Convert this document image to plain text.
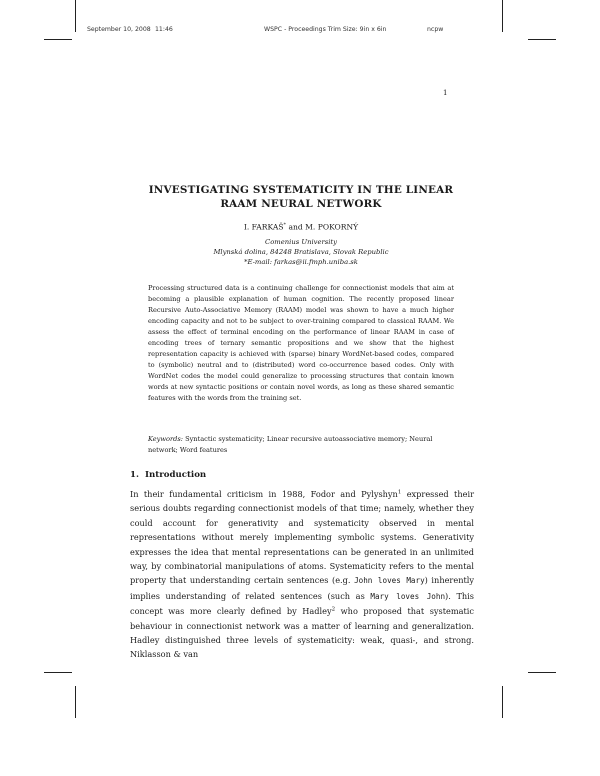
September 10, 2008 11:46	WSPC - Proceedings Trim Size: 9in x 6in	ncpw
1
INVESTIGATING SYSTEMATICITY IN THE LINEAR
RAAM NEURAL NETWORK
I. FARKAŠ* and M. POKORNÝ
Comenius University
Mlynská dolina, 84248 Bratislava, Slovak Republic
*E-mail: farkas@ii.fmph.uniba.sk
Processing structured data is a continuing challenge for connectionist models that aim at becoming a plausible explanation of human cognition. The recently proposed linear Recursive Auto-Associative Memory (RAAM) model was shown to have a much higher encoding capacity and not to be subject to over-training compared to classical RAAM. We assess the effect of terminal encoding on the performance of linear RAAM in case of encoding trees of ternary semantic propositions and we show that the highest representation capacity is achieved with (sparse) binary WordNet-based codes, compared to (symbolic) neutral and to (distributed) word co-occurrence based codes. Only with WordNet codes the model could generalize to processing structures that contain known words at new syntactic positions or contain novel words, as long as these shared semantic features with the words from the training set.
Keywords: Syntactic systematicity; Linear recursive autoassociative memory; Neural network; Word features
1. Introduction
In their fundamental criticism in 1988, Fodor and Pylyshyn$^1$ expressed their serious doubts regarding connectionist models of that time; namely, whether they could account for generativity and systematicity observed in mental representations without merely implementing symbolic systems. Generativity expresses the idea that mental representations can be generated in an unlimited way, by combinatorial manipulations of atoms. Systematicity refers to the mental property that understanding certain sentences (e.g. John loves Mary) inherently implies understanding of related sentences (such as Mary loves John). This concept was more clearly defined by Hadley$^2$ who proposed that systematic behaviour in connectionist network was a matter of learning and generalization. Hadley distinguished three levels of systematicity: weak, quasi-, and strong. Niklasson & van
